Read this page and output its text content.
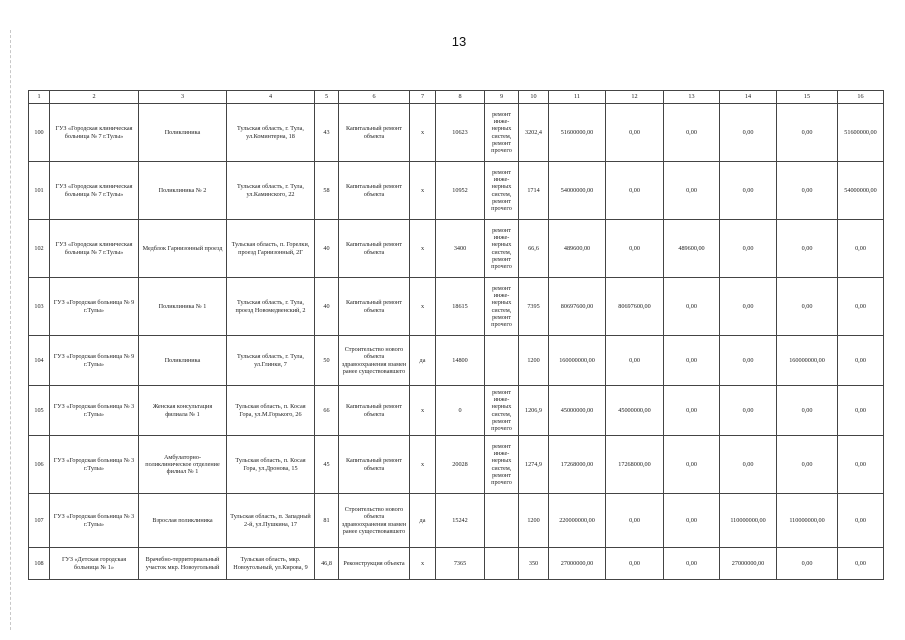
13
1	2	3	4	5	6	7	8	9	10	11	12	13	14	15	16
100	ГУЗ «Городская клиническая больница № 7 г.Тулы»	Поликлиника	Тульская область, г. Тула, ул.Коминтерна, 18	43	Капитальный ремонт объекта	х	10623	ремонт инже-нерных систем, ремонт прочего	3202,4	51600000,00	0,00	0,00	0,00	0,00	51600000,00
101	ГУЗ «Городская клиническая больница № 7 г.Тулы»	Поликлиника № 2	Тульская область, г. Тула, ул.Каминского, 22	58	Капитальный ремонт объекта	х	10952	ремонт инже-нерных систем, ремонт прочего	1714	54000000,00	0,00	0,00	0,00	0,00	54000000,00
102	ГУЗ «Городская клиническая больница № 7 г.Тулы»	Медблок Гарнизонный проезд	Тульская область, п. Горелки, проезд Гарнизонный, 2Г	40	Капитальный ремонт объекта	х	3400	ремонт инже-нерных систем, ремонт прочего	66,6	489600,00	0,00	489600,00	0,00	0,00	0,00
103	ГУЗ «Городская больница № 9 г.Тулы»	Поликлиника № 1	Тульская область, г. Тула, проезд Новомедвенский, 2	40	Капитальный ремонт объекта	х	18615	ремонт инже-нерных систем, ремонт прочего	7395	80697600,00	80697600,00	0,00	0,00	0,00	0,00
104	ГУЗ «Городская больница № 9 г.Тулы»	Поликлиника	Тульская область, г. Тула, ул.Глинки, 7	50	Строительство нового объекта здравоохранения взамен ранее существовавшего	да	14800		1200	160000000,00	0,00	0,00	0,00	160000000,00	0,00
105	ГУЗ «Городская больница № 3 г.Тулы»	Женская консультация филиала № 1	Тульская область, п. Косая Гора, ул.М.Горького, 26	66	Капитальный ремонт объекта	х	0	ремонт инже-нерных систем, ремонт прочего	1206,9	45000000,00	45000000,00	0,00	0,00	0,00	0,00
106	ГУЗ «Городская больница № 3 г.Тулы»	Амбулаторно-поликлиническое отделение филиал № 1	Тульская область, п. Косая Гора, ул.Дронова, 15	45	Капитальный ремонт объекта	х	20028	ремонт инже-нерных систем, ремонт прочего	1274,9	17268000,00	17268000,00	0,00	0,00	0,00	0,00
107	ГУЗ «Городская больница № 3 г.Тулы»	Взрослая поликлиника	Тульская область, п. Западный 2-й, ул.Пушкина, 17	81	Строительство нового объекта здравоохранения взамен ранее существовавшего	да	15242		1200	220000000,00	0,00	0,00	110000000,00	110000000,00	0,00
108	ГУЗ «Детская городская больница № 1»	Врачебно-территориальный участок мкр. Новоугольный	Тульская область, мкр. Новоугольный, ул.Кирова, 9	46,8	Реконструкция объекта	х	7365		350	27000000,00	0,00	0,00	27000000,00	0,00	0,00
